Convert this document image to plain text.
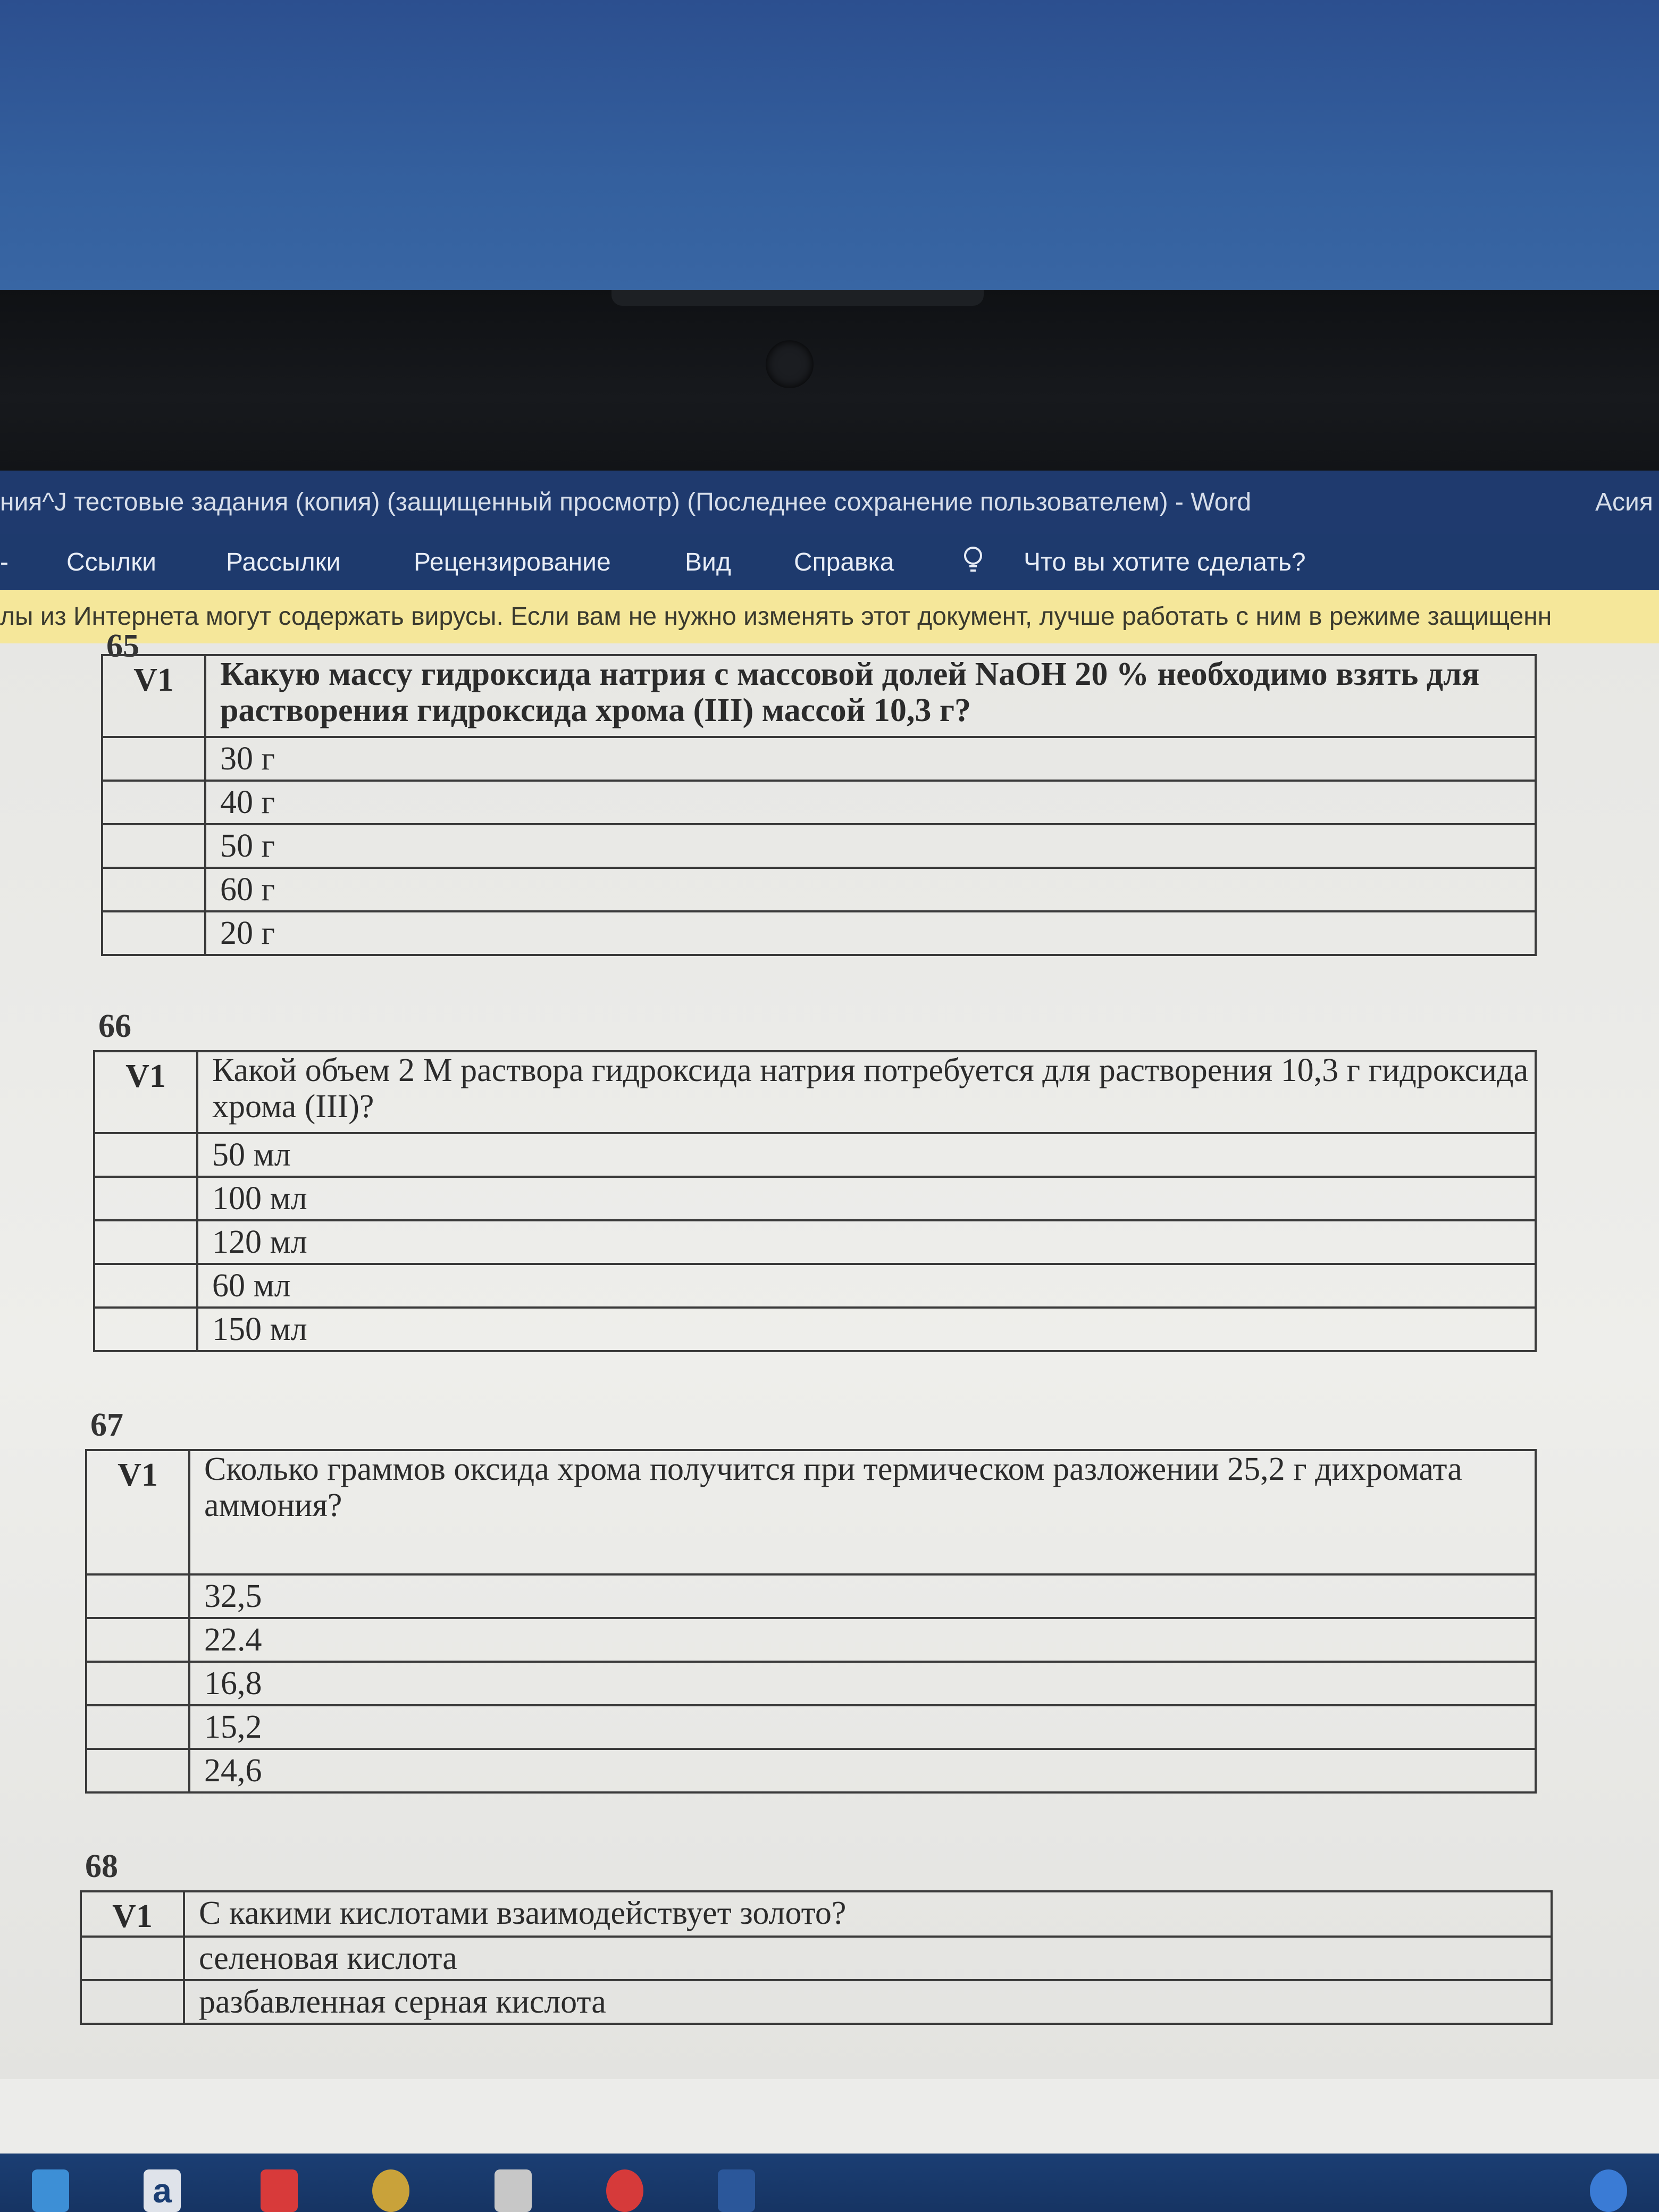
ния^J тестовые задания (копия) (защищенный просмотр) (Последнее сохранение пользователем) - Word	Асия
- Ссылки	Рассылки	Рецензирование	Вид Справка	Что вы хотите сделать?
лы из Интернета могут содержать вирусы. Если вам не нужно изменять этот документ, лучше работать с ним в режиме защищенн
65
V1	Какую массу гидроксида натрия с массовой долей NaOH 20 % необходимо взять для растворения гидроксида хрома (III) массой 10,3 г?
	30 г
	40 г
	50 г
	60 г
	20 г
66
V1	Какой объем 2 М раствора гидроксида натрия потребуется для растворения 10,3 г гидроксида хрома (III)?
	50 мл
	100 мл
	120 мл
	60 мл
	150 мл
67
V1	Сколько граммов оксида хрома получится при термическом разложении 25,2 г дихромата аммония?
	32,5
	22.4
	16,8
	15,2
	24,6
68
V1	С какими кислотами взаимодействует золото?
	селеновая кислота
	разбавленная серная кислота
a
